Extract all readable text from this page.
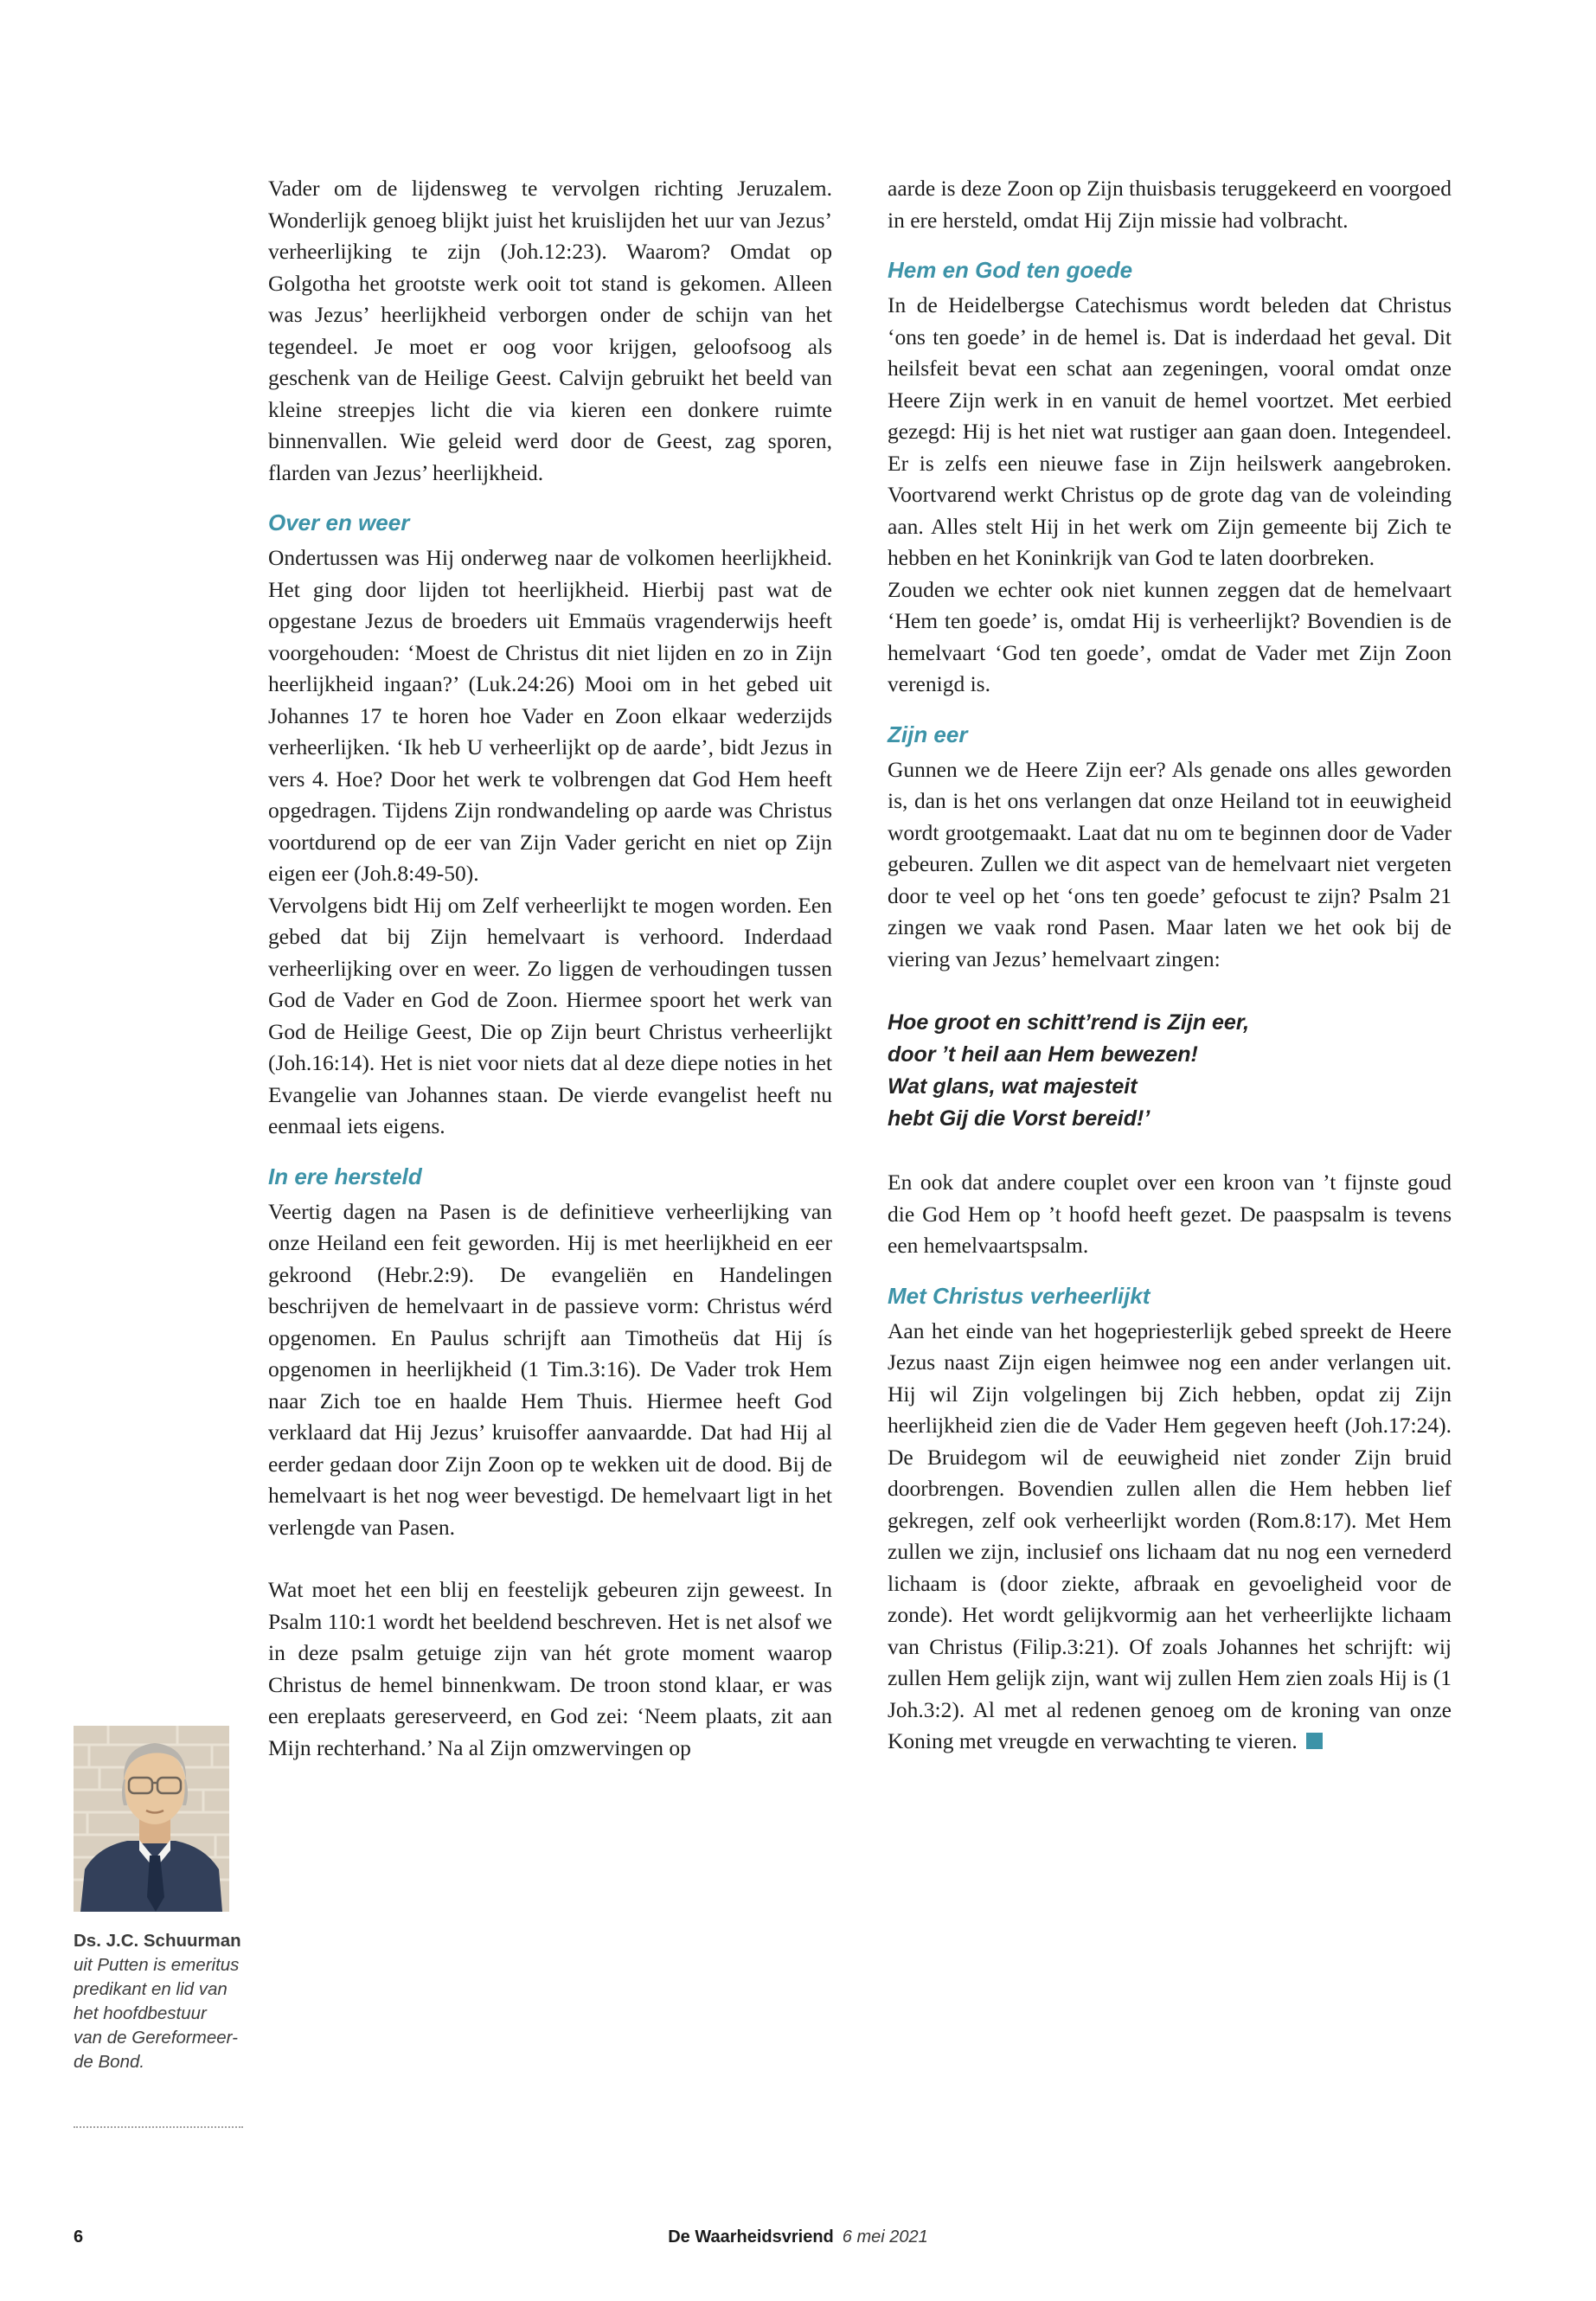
Vader om de lijdensweg te vervolgen richting Jeruzalem. Wonderlijk genoeg blijkt juist het kruislijden het uur van Jezus’ verheerlijking te zijn (Joh.12:23). Waarom? Omdat op Golgotha het grootste werk ooit tot stand is gekomen. Alleen was Jezus’ heerlijkheid verborgen onder de schijn van het tegendeel. Je moet er oog voor krijgen, geloofsoog als geschenk van de Heilige Geest. Calvijn gebruikt het beeld van kleine streepjes licht die via kieren een donkere ruimte binnenvallen. Wie geleid werd door de Geest, zag sporen, flarden van Jezus’ heerlijkheid.

Over en weer

Ondertussen was Hij onderweg naar de volkomen heerlijkheid. Het ging door lijden tot heerlijkheid. Hierbij past wat de opgestane Jezus de broeders uit Emmaüs vragenderwijs heeft voorgehouden: ‘Moest de Christus dit niet lijden en zo in Zijn heerlijkheid ingaan?’ (Luk.24:26) Mooi om in het gebed uit Johannes 17 te horen hoe Vader en Zoon elkaar wederzijds verheerlijken. ‘Ik heb U verheerlijkt op de aarde’, bidt Jezus in vers 4. Hoe? Door het werk te volbrengen dat God Hem heeft opgedragen. Tijdens Zijn rondwandeling op aarde was Christus voortdurend op de eer van Zijn Vader gericht en niet op Zijn eigen eer (Joh.8:49-50).

Vervolgens bidt Hij om Zelf verheerlijkt te mogen worden. Een gebed dat bij Zijn hemelvaart is verhoord. Inderdaad verheerlijking over en weer. Zo liggen de verhoudingen tussen God de Vader en God de Zoon. Hiermee spoort het werk van God de Heilige Geest, Die op Zijn beurt Christus verheerlijkt (Joh.16:14). Het is niet voor niets dat al deze diepe noties in het Evangelie van Johannes staan. De vierde evangelist heeft nu eenmaal iets eigens.

In ere hersteld

Veertig dagen na Pasen is de definitieve verheerlijking van onze Heiland een feit geworden. Hij is met heerlijkheid en eer gekroond (Hebr.2:9). De evangeliën en Handelingen beschrijven de hemelvaart in de passieve vorm: Christus wérd opgenomen. En Paulus schrijft aan Timotheüs dat Hij ís opgenomen in heerlijkheid (1 Tim.3:16). De Vader trok Hem naar Zich toe en haalde Hem Thuis. Hiermee heeft God verklaard dat Hij Jezus’ kruisoffer aanvaardde. Dat had Hij al eerder gedaan door Zijn Zoon op te wekken uit de dood. Bij de hemelvaart is het nog weer bevestigd. De hemelvaart ligt in het verlengde van Pasen.

Wat moet het een blij en feestelijk gebeuren zijn geweest. In Psalm 110:1 wordt het beeldend beschreven. Het is net alsof we in deze psalm getuige zijn van hét grote moment waarop Christus de hemel binnenkwam. De troon stond klaar, er was een ereplaats gereserveerd, en God zei: ‘Neem plaats, zit aan Mijn rechterhand.’ Na al Zijn omzwervingen op

aarde is deze Zoon op Zijn thuisbasis teruggekeerd en voorgoed in ere hersteld, omdat Hij Zijn missie had volbracht.

Hem en God ten goede

In de Heidelbergse Catechismus wordt beleden dat Christus ‘ons ten goede’ in de hemel is. Dat is inderdaad het geval. Dit heilsfeit bevat een schat aan zegeningen, vooral omdat onze Heere Zijn werk in en vanuit de hemel voortzet. Met eerbied gezegd: Hij is het niet wat rustiger aan gaan doen. Integendeel. Er is zelfs een nieuwe fase in Zijn heilswerk aangebroken. Voortvarend werkt Christus op de grote dag van de voleinding aan. Alles stelt Hij in het werk om Zijn gemeente bij Zich te hebben en het Koninkrijk van God te laten doorbreken.

Zouden we echter ook niet kunnen zeggen dat de hemelvaart ‘Hem ten goede’ is, omdat Hij is verheerlijkt? Bovendien is de hemelvaart ‘God ten goede’, omdat de Vader met Zijn Zoon verenigd is.

Zijn eer

Gunnen we de Heere Zijn eer? Als genade ons alles geworden is, dan is het ons verlangen dat onze Heiland tot in eeuwigheid wordt grootgemaakt. Laat dat nu om te beginnen door de Vader gebeuren. Zullen we dit aspect van de hemelvaart niet vergeten door te veel op het ‘ons ten goede’ gefocust te zijn? Psalm 21 zingen we vaak rond Pasen. Maar laten we het ook bij de viering van Jezus’ hemelvaart zingen:

Hoe groot en schitt’rend is Zijn eer,
door ’t heil aan Hem bewezen!
Wat glans, wat majesteit
hebt Gij die Vorst bereid!’

En ook dat andere couplet over een kroon van ’t fijnste goud die God Hem op ’t hoofd heeft gezet. De paaspsalm is tevens een hemelvaartspsalm.

Met Christus verheerlijkt

Aan het einde van het hogepriesterlijk gebed spreekt de Heere Jezus naast Zijn eigen heimwee nog een ander verlangen uit. Hij wil Zijn volgelingen bij Zich hebben, opdat zij Zijn heerlijkheid zien die de Vader Hem gegeven heeft (Joh.17:24). De Bruidegom wil de eeuwigheid niet zonder Zijn bruid doorbrengen. Bovendien zullen allen die Hem hebben lief gekregen, zelf ook verheerlijkt worden (Rom.8:17). Met Hem zullen we zijn, inclusief ons lichaam dat nu nog een vernederd lichaam is (door ziekte, afbraak en gevoeligheid voor de zonde). Het wordt gelijkvormig aan het verheerlijkte lichaam van Christus (Filip.3:21). Of zoals Johannes het schrijft: wij zullen Hem gelijk zijn, want wij zullen Hem zien zoals Hij is (1 Joh.3:2). Al met al redenen genoeg om de kroning van onze Koning met vreugde en verwachting te vieren.

Ds. J.C. Schuurman
uit Putten is emeritus
predikant en lid van
het hoofdbestuur
van de Gereformeer-
de Bond.
6	De Waarheidsvriend 6 mei 2021
